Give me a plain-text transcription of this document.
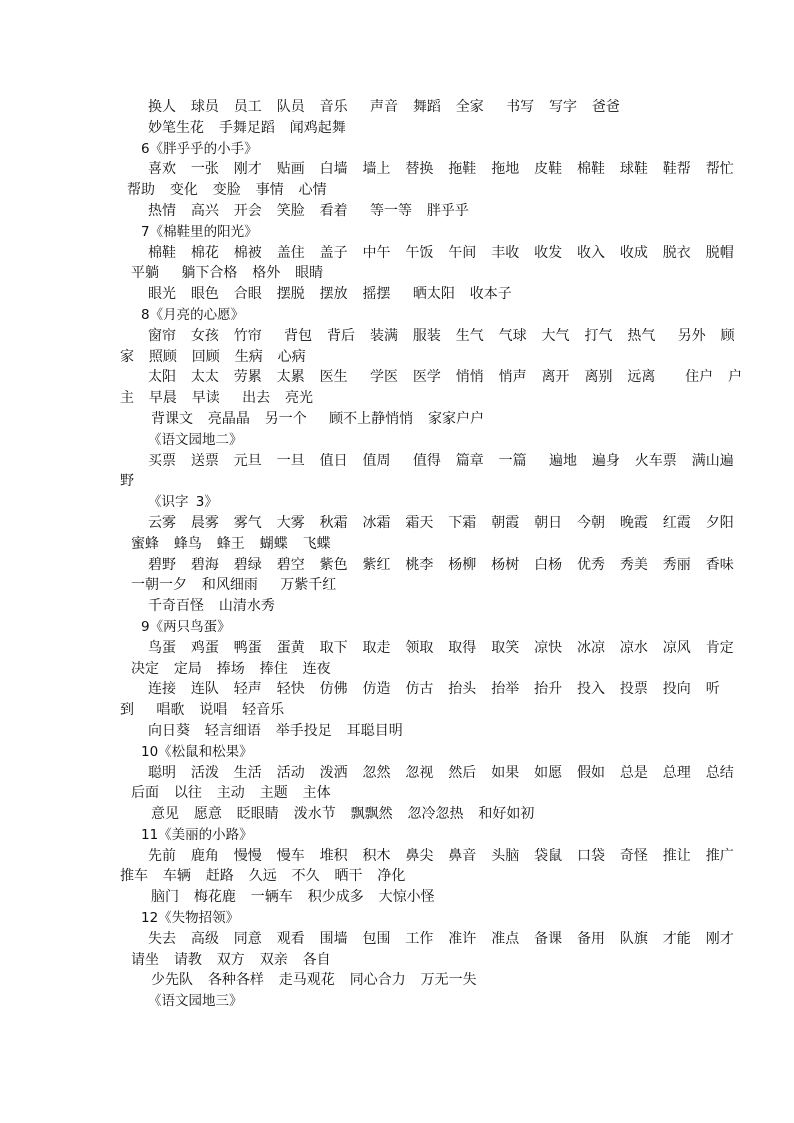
换人  球员  员工  队员  音乐   声音  舞蹈  全家   书写  写字  爸爸
妙笔生花  手舞足蹈  闻鸡起舞
6《胖乎乎的小手》
喜欢  一张  刚才  贴画  白墙  墙上  替换  拖鞋  拖地  皮鞋  棉鞋  球鞋  鞋帮  帮忙
帮助  变化  变脸  事情  心情
热情  高兴  开会  笑脸  看着   等一等  胖乎乎
7《棉鞋里的阳光》
棉鞋  棉花  棉被  盖住  盖子  中午  午饭  午间  丰收  收发  收入  收成  脱衣  脱帽
平躺   躺下合格  格外  眼睛
眼光  眼色  合眼  摆脱  摆放  摇摆   晒太阳  收本子
8《月亮的心愿》
窗帘  女孩  竹帘   背包  背后  装满  服装  生气  气球  大气  打气  热气   另外  顾
家  照顾  回顾  生病  心病
太阳  太太  劳累  太累  医生   学医  医学  悄悄  悄声  离开  离别  远离    住户  户
主  早晨  早读   出去  亮光
背课文  亮晶晶  另一个   顾不上静悄悄  家家户户
《语文园地二》
买票  送票  元旦  一旦  值日  值周   值得  篇章  一篇   遍地  遍身  火车票  满山遍
野
《识字 3》
云雾  晨雾  雾气  大雾  秋霜  冰霜  霜天  下霜  朝霞  朝日  今朝  晚霞  红霞  夕阳
蜜蜂  蜂鸟  蜂王  蝴蝶  飞蝶
碧野  碧海  碧绿  碧空  紫色  紫红  桃李  杨柳  杨树  白杨  优秀  秀美  秀丽  香味
一朝一夕  和风细雨   万紫千红
千奇百怪  山清水秀
9《两只鸟蛋》
鸟蛋  鸡蛋  鸭蛋  蛋黄  取下  取走  领取  取得  取笑  凉快  冰凉  凉水  凉风  肯定
决定  定局  捧场  捧住  连夜
连接  连队  轻声  轻快  仿佛  仿造  仿古  抬头  抬举  抬升  投入  投票  投向  听
到   唱歌  说唱  轻音乐
向日葵  轻言细语  举手投足  耳聪目明
10《松鼠和松果》
聪明  活泼  生活  活动  泼洒  忽然  忽视  然后  如果  如愿  假如  总是  总理  总结
后面  以往  主动  主题  主体
意见  愿意  眨眼睛  泼水节  飘飘然  忽冷忽热  和好如初
11《美丽的小路》
先前  鹿角  慢慢  慢车  堆积  积木  鼻尖  鼻音  头脑  袋鼠  口袋  奇怪  推让  推广
推车  车辆  赶路  久远  不久  晒干  净化
脑门  梅花鹿  一辆车  积少成多  大惊小怪
12《失物招领》
失去  高级  同意  观看  围墙  包围  工作  准许  准点  备课  备用  队旗  才能  刚才
请坐  请教  双方  双亲  各自
少先队  各种各样  走马观花  同心合力  万无一失
《语文园地三》
